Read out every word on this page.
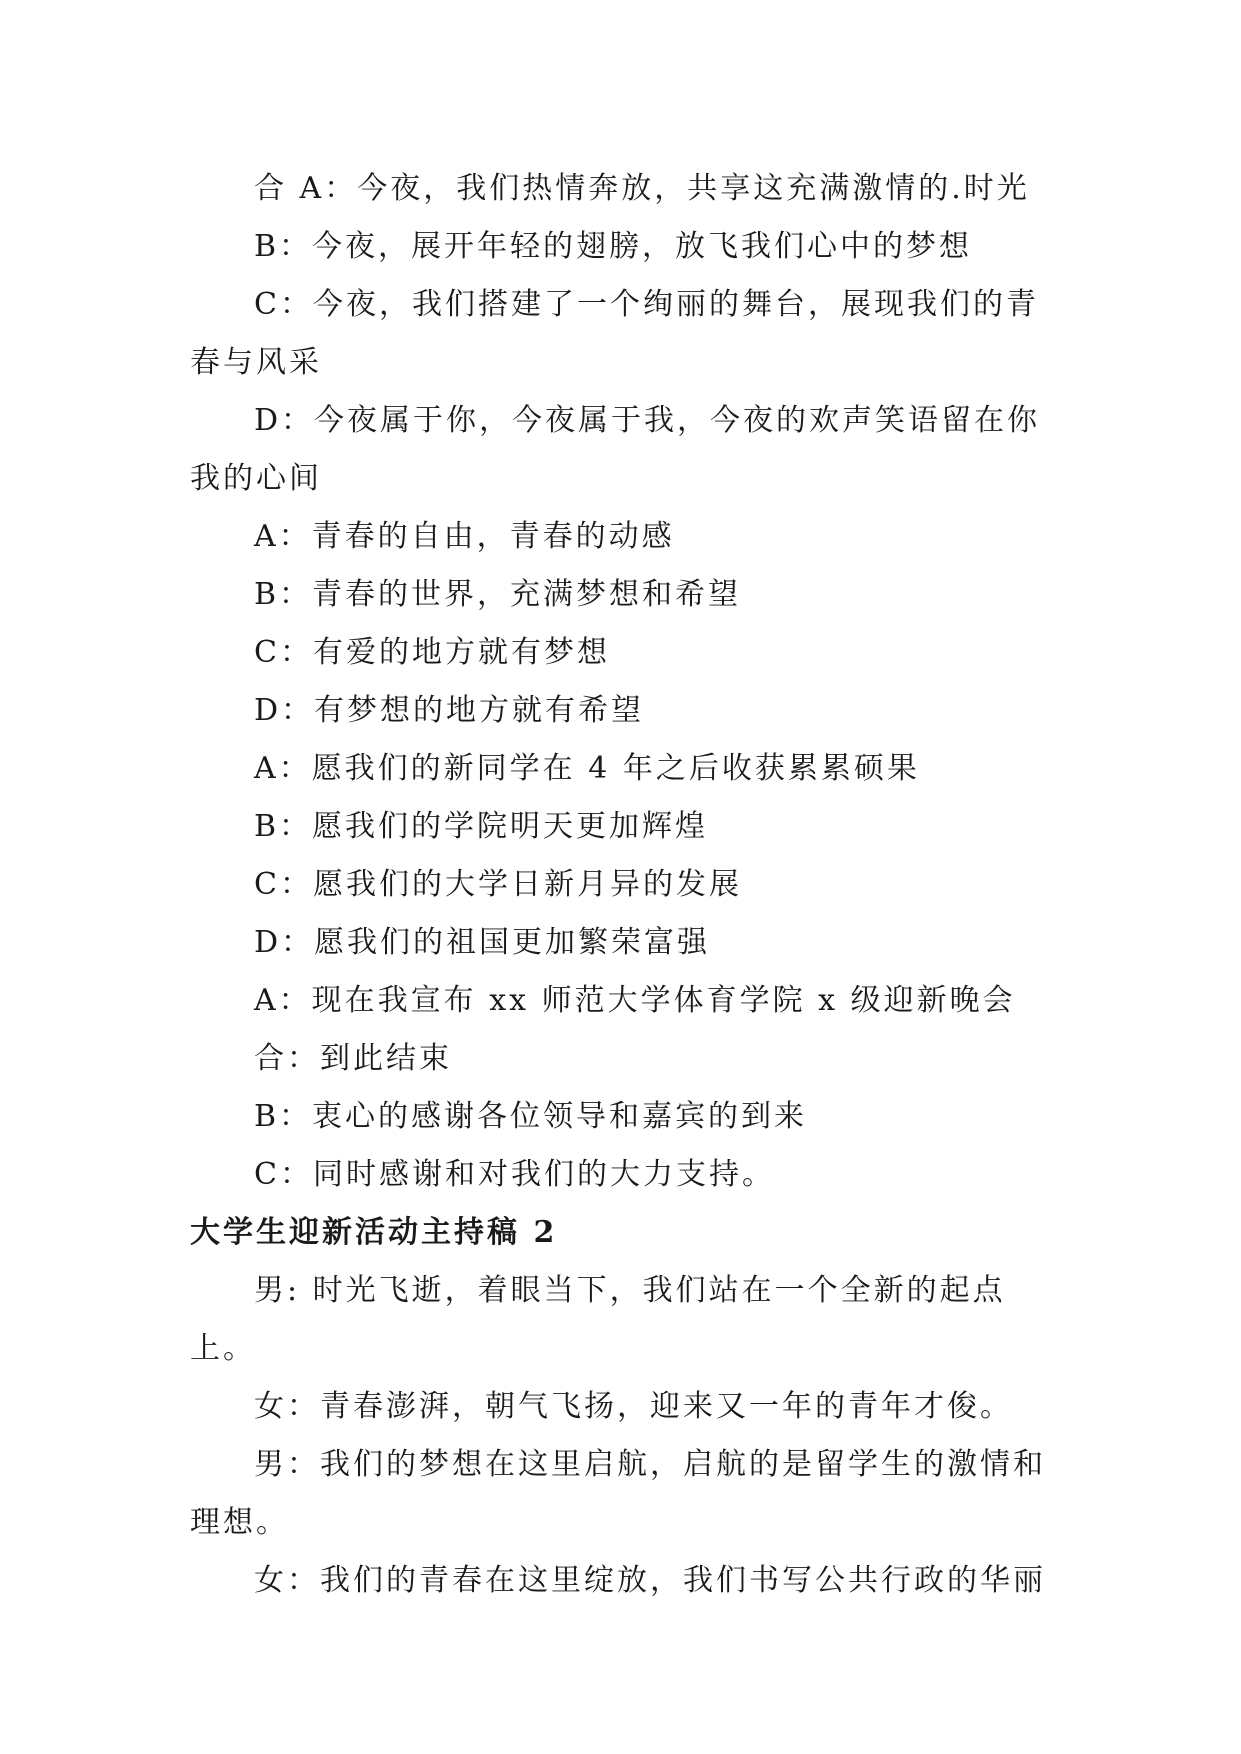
合 A：今夜，我们热情奔放，共享这充满激情的.时光

B：今夜，展开年轻的翅膀，放飞我们心中的梦想

C：今夜，我们搭建了一个绚丽的舞台，展现我们的青春与风采

D：今夜属于你，今夜属于我，今夜的欢声笑语留在你我的心间

A：青春的自由，青春的动感

B：青春的世界，充满梦想和希望

C：有爱的地方就有梦想

D：有梦想的地方就有希望

A：愿我们的新同学在 4 年之后收获累累硕果

B：愿我们的学院明天更加辉煌

C：愿我们的大学日新月异的发展

D：愿我们的祖国更加繁荣富强

A：现在我宣布 xx 师范大学体育学院 x 级迎新晚会

合：到此结束

B：衷心的感谢各位领导和嘉宾的到来

C：同时感谢和对我们的大力支持。

大学生迎新活动主持稿 2

男: 时光飞逝，着眼当下，我们站在一个全新的起点上。

女：青春澎湃，朝气飞扬，迎来又一年的青年才俊。

男：我们的梦想在这里启航，启航的是留学生的激情和理想。

女：我们的青春在这里绽放，我们书写公共行政的华丽
